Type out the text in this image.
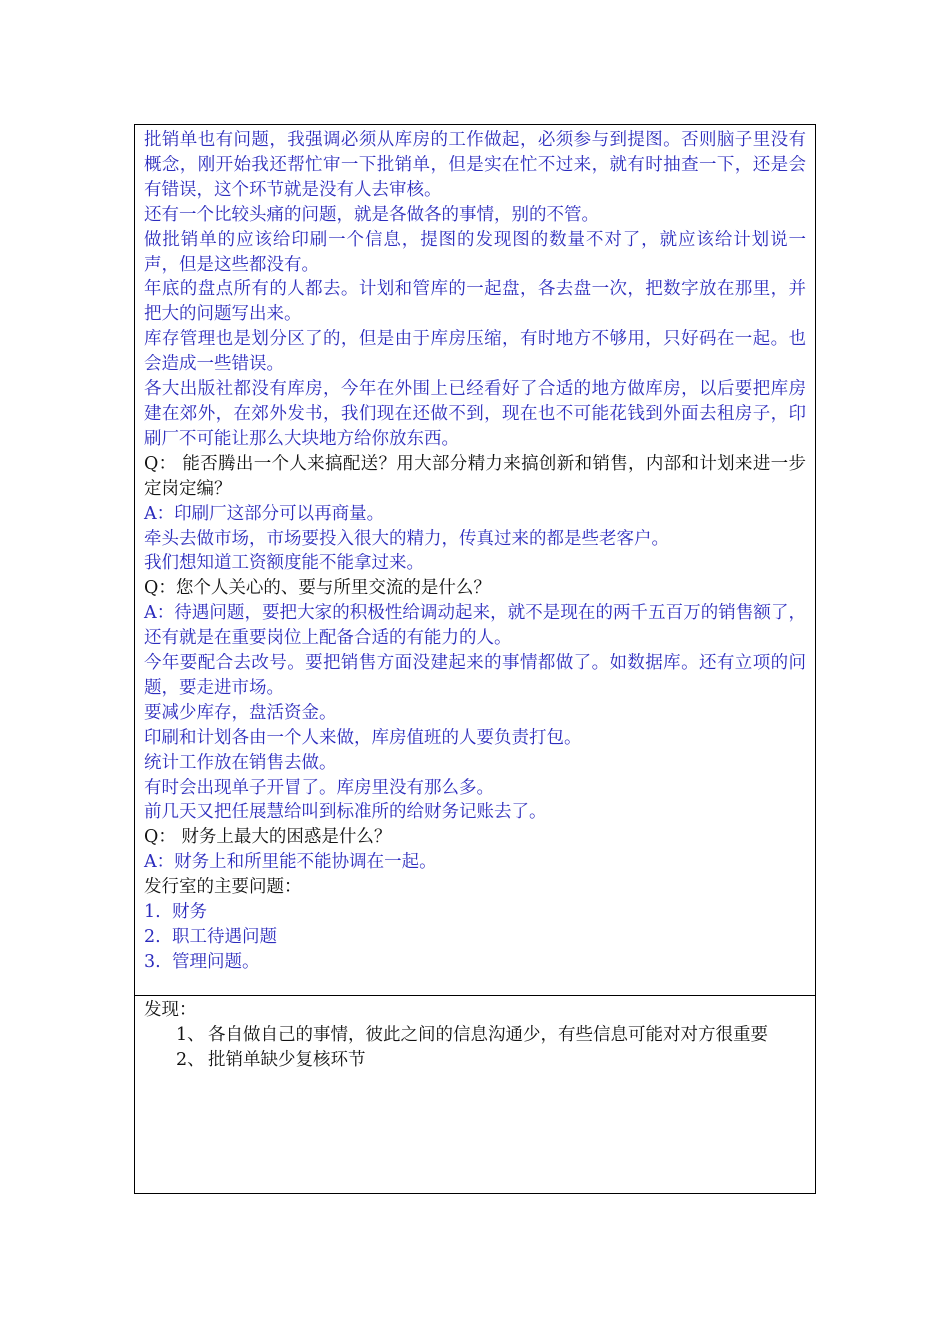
批销单也有问题，我强调必须从库房的工作做起，必须参与到提图。否则脑子里没有概念，刚开始我还帮忙审一下批销单，但是实在忙不过来，就有时抽查一下，还是会有错误，这个环节就是没有人去审核。

还有一个比较头痛的问题，就是各做各的事情，别的不管。

做批销单的应该给印刷一个信息，提图的发现图的数量不对了，就应该给计划说一声，但是这些都没有。

年底的盘点所有的人都去。计划和管库的一起盘，各去盘一次，把数字放在那里，并把大的问题写出来。

库存管理也是划分区了的，但是由于库房压缩，有时地方不够用，只好码在一起。也会造成一些错误。

各大出版社都没有库房，今年在外围上已经看好了合适的地方做库房，以后要把库房建在郊外，在郊外发书，我们现在还做不到，现在也不可能花钱到外面去租房子，印刷厂不可能让那么大块地方给你放东西。

Q： 能否腾出一个人来搞配送？用大部分精力来搞创新和销售，内部和计划来进一步定岗定编？

A：印刷厂这部分可以再商量。

牵头去做市场，市场要投入很大的精力，传真过来的都是些老客户。

我们想知道工资额度能不能拿过来。

Q：您个人关心的、要与所里交流的是什么？

A：待遇问题，要把大家的积极性给调动起来，就不是现在的两千五百万的销售额了，还有就是在重要岗位上配备合适的有能力的人。

今年要配合去改号。要把销售方面没建起来的事情都做了。如数据库。还有立项的问题，要走进市场。

要减少库存，盘活资金。

印刷和计划各由一个人来做，库房值班的人要负责打包。

统计工作放在销售去做。

有时会出现单子开冒了。库房里没有那么多。

前几天又把任展慧给叫到标准所的给财务记账去了。

Q： 财务上最大的困惑是什么？

A：财务上和所里能不能协调在一起。

发行室的主要问题：

1. 财务
2. 职工待遇问题
3. 管理问题。

发现：

1、 各自做自己的事情，彼此之间的信息沟通少，有些信息可能对对方很重要
2、 批销单缺少复核环节
